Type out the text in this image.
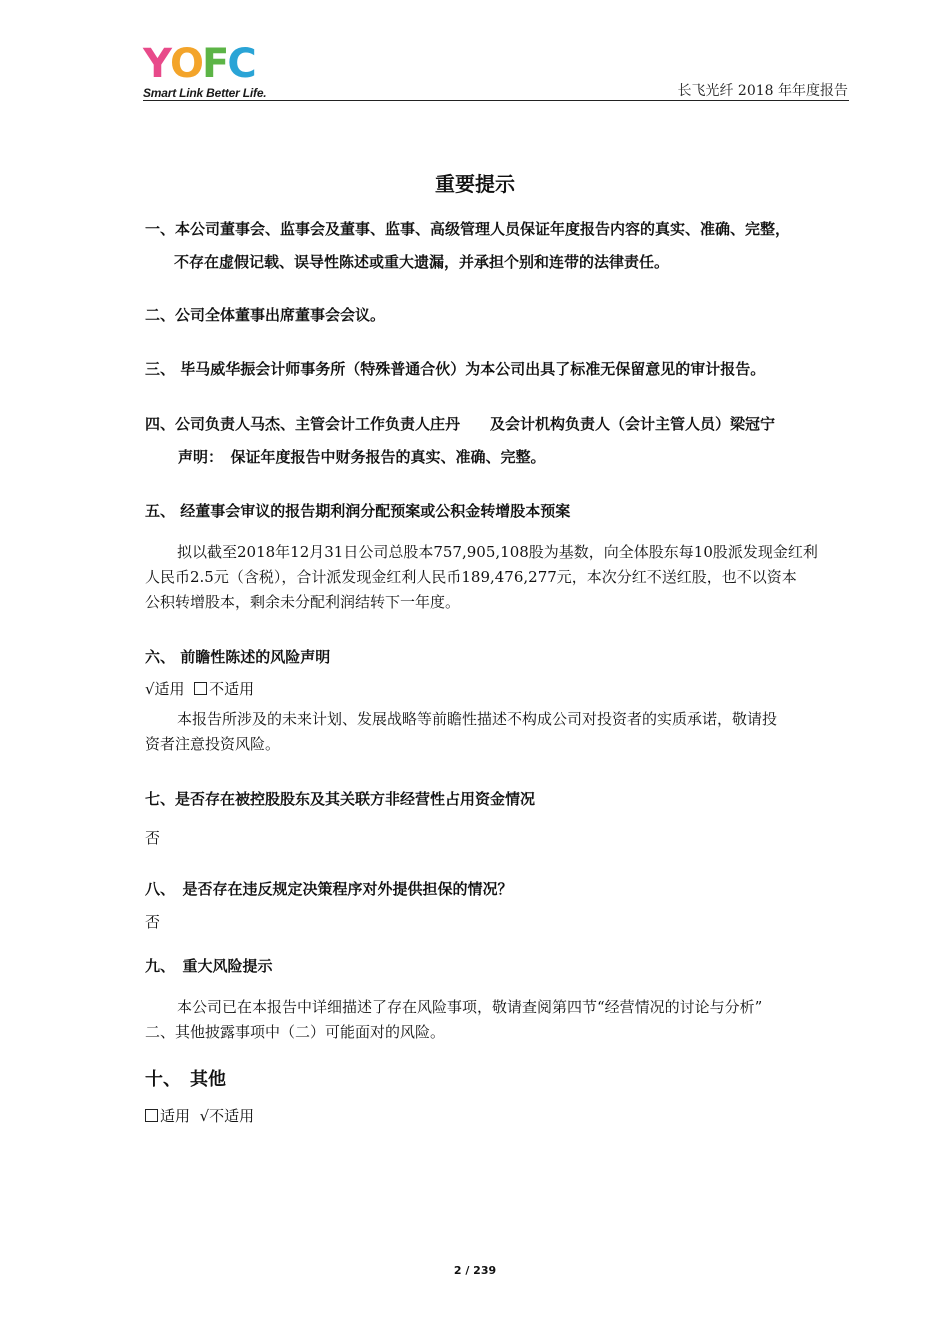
Y O F C
Smart Link Better Life.	长飞光纤 2018 年年度报告
重要提示
一、本公司董事会、监事会及董事、监事、高级管理人员保证年度报告内容的真实、准确、完整，
不存在虚假记载、误导性陈述或重大遗漏，并承担个别和连带的法律责任。
二、公司全体董事出席董事会会议。
三、 毕马威华振会计师事务所（特殊普通合伙）为本公司出具了标准无保留意见的审计报告。
四、公司负责人马杰、主管会计工作负责人庄丹　　及会计机构负责人（会计主管人员）梁冠宁
声明：　保证年度报告中财务报告的真实、准确、完整。
五、 经董事会审议的报告期利润分配预案或公积金转增股本预案
拟以截至2018年12月31日公司总股本757,905,108股为基数，向全体股东每10股派发现金红利
人民币2.5元（含税），合计派发现金红利人民币189,476,277元，本次分红不送红股，也不以资本
公积转增股本，剩余未分配利润结转下一年度。
六、 前瞻性陈述的风险声明
√适用 不适用
本报告所涉及的未来计划、发展战略等前瞻性描述不构成公司对投资者的实质承诺，敬请投
资者注意投资风险。
七、是否存在被控股股东及其关联方非经营性占用资金情况
否
八、　是否存在违反规定决策程序对外提供担保的情况？
否
九、　重大风险提示
本公司已在本报告中详细描述了存在风险事项，敬请查阅第四节“经营情况的讨论与分析”
二、其他披露事项中（二）可能面对的风险。
十、　其他
适用 √不适用
2 / 239
